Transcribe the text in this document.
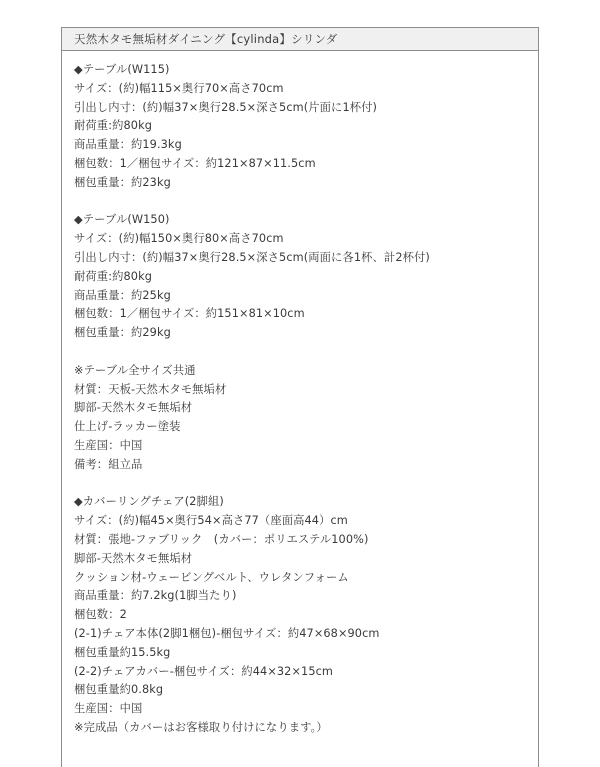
天然木タモ無垢材ダイニング【cylinda】シリンダ
◆テーブル(W115)
サイズ：(約)幅115×奥行70×高さ70cm
引出し内寸：(約)幅37×奥行28.5×深さ5cm(片面に1杯付)
耐荷重:約80kg
商品重量：約19.3kg
梱包数：1／梱包サイズ：約121×87×11.5cm
梱包重量：約23kg
◆テーブル(W150)
サイズ：(約)幅150×奥行80×高さ70cm
引出し内寸：(約)幅37×奥行28.5×深さ5cm(両面に各1杯、計2杯付)
耐荷重:約80kg
商品重量：約25kg
梱包数：1／梱包サイズ：約151×81×10cm
梱包重量：約29kg
※テーブル全サイズ共通
材質：天板-天然木タモ無垢材
脚部-天然木タモ無垢材
仕上げ-ラッカー塗装
生産国：中国
備考：組立品
◆カバーリングチェア(2脚組)
サイズ：(約)幅45×奥行54×高さ77（座面高44）cm
材質：張地-ファブリック　(カバー：ポリエステル100%)
脚部-天然木タモ無垢材
クッション材-ウェービングベルト、ウレタンフォーム
商品重量：約7.2kg(1脚当たり)
梱包数：2
(2-1)チェア本体(2脚1梱包)-梱包サイズ：約47×68×90cm
梱包重量約15.5kg
(2-2)チェアカバー-梱包サイズ：約44×32×15cm
梱包重量約0.8kg
生産国：中国
※完成品（カバーはお客様取り付けになります。）
